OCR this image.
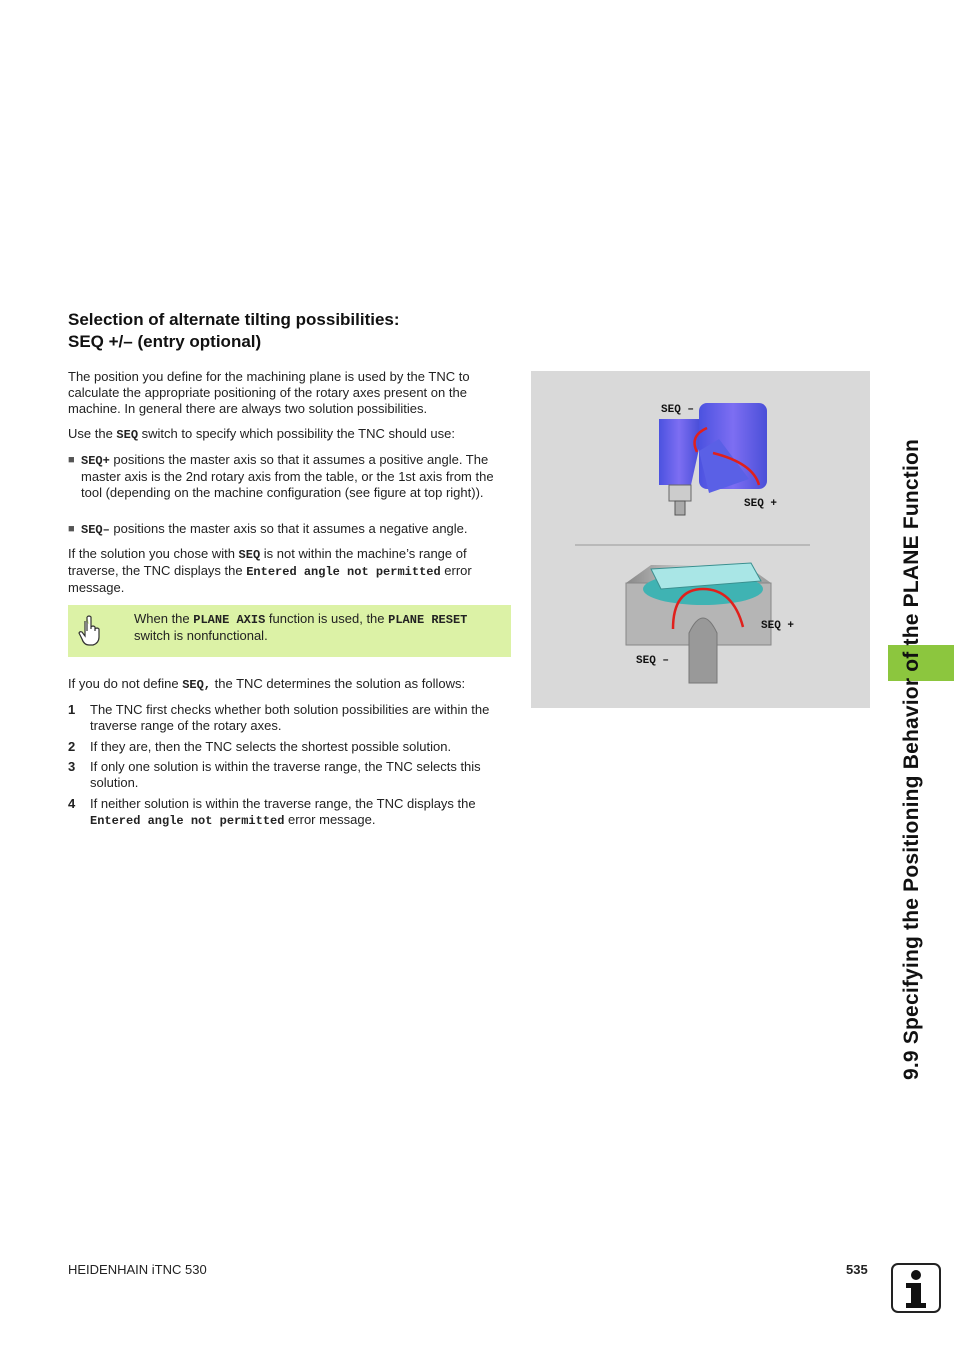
Selection of alternate tilting possibilities:
SEQ +/– (entry optional)

The position you define for the machining plane is used by the TNC to calculate the appropriate positioning of the rotary axes present on the machine. In general there are always two solution possibilities.

Use the SEQ switch to specify which possibility the TNC should use:

■ SEQ+ positions the master axis so that it assumes a positive angle. The master axis is the 2nd rotary axis from the table, or the 1st axis from the tool (depending on the machine configuration (see figure at top right)).
■ SEQ– positions the master axis so that it assumes a negative angle.

If the solution you chose with SEQ is not within the machine’s range of traverse, the TNC displays the Entered angle not permitted error message.

When the PLANE AXIS function is used, the PLANE RESET switch is nonfunctional.

If you do not define SEQ, the TNC determines the solution as follows:

1 The TNC first checks whether both solution possibilities are within the traverse range of the rotary axes.
2 If they are, then the TNC selects the shortest possible solution.
3 If only one solution is within the traverse range, the TNC selects this solution.
4 If neither solution is within the traverse range, the TNC displays the Entered angle not permitted error message.
SEQ –
SEQ +
SEQ +
SEQ –	9.9 Specifying the Positioning Behavior of the PLANE Function
HEIDENHAIN iTNC 530	535
